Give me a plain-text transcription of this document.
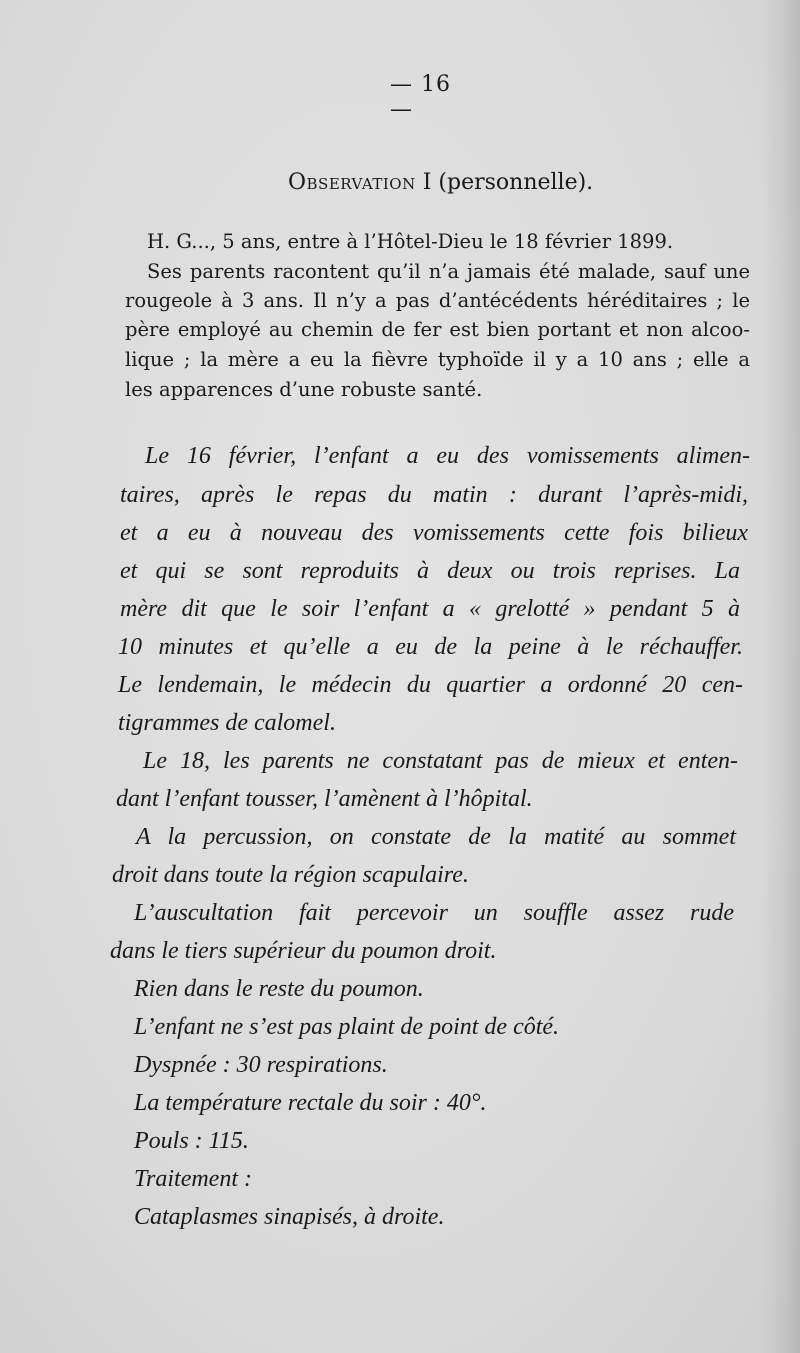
— 16 —
Observation I (personnelle).
H. G..., 5 ans, entre à l’Hôtel-Dieu le 18 février 1899.
Ses parents racontent qu’il n’a jamais été malade, sauf une
rougeole à 3 ans. Il n’y a pas d’antécédents héréditaires ; le
père employé au chemin de fer est bien portant et non alcoo-
lique ; la mère a eu la fièvre typhoïde il y a 10 ans ; elle a
les apparences d’une robuste santé.
Le 16 février, l’enfant a eu des vomissements alimen-
taires, après le repas du matin : durant l’après-midi,
et a eu à nouveau des vomissements cette fois bilieux
et qui se sont reproduits à deux ou trois reprises. La
mère dit que le soir l’enfant a « grelotté » pendant 5 à
10 minutes et qu’elle a eu de la peine à le réchauffer.
Le lendemain, le médecin du quartier a ordonné 20 cen-
tigrammes de calomel.
Le 18, les parents ne constatant pas de mieux et enten-
dant l’enfant tousser, l’amènent à l’hôpital.
A la percussion, on constate de la matité au sommet
droit dans toute la région scapulaire.
L’auscultation fait percevoir un souffle assez rude
dans le tiers supérieur du poumon droit.
Rien dans le reste du poumon.
L’enfant ne s’est pas plaint de point de côté.
Dyspnée : 30 respirations.
La température rectale du soir : 40°.
Pouls : 115.
Traitement :
Cataplasmes sinapisés, à droite.
